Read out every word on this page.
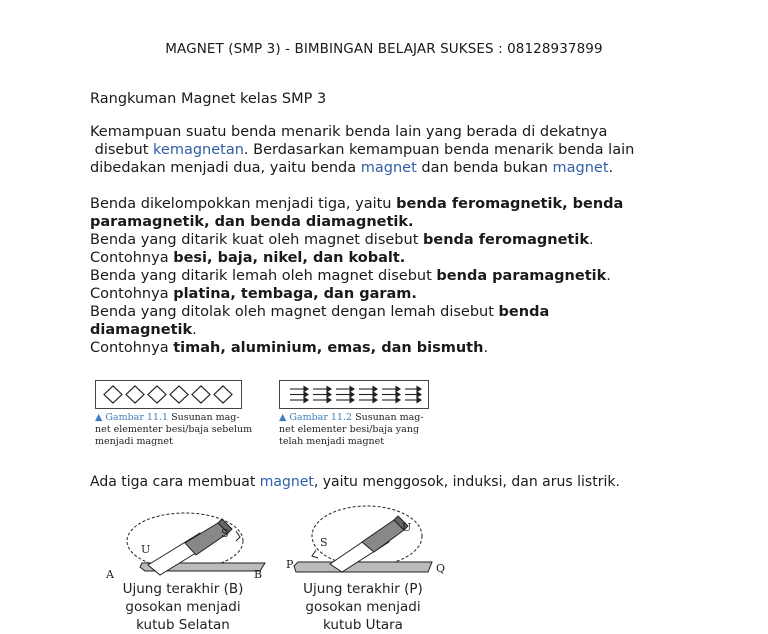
MAGNET (SMP 3) - BIMBINGAN BELAJAR SUKSES : 08128937899
Rangkuman Magnet kelas SMP 3
Kemampuan suatu benda menarik benda lain yang berada di dekatnya
disebut kemagnetan. Berdasarkan kemampuan benda menarik benda lain
dibedakan menjadi dua, yaitu benda magnet dan benda bukan magnet.
Benda dikelompokkan menjadi tiga, yaitu benda feromagnetik, benda
paramagnetik, dan benda diamagnetik.
Benda yang ditarik kuat oleh magnet disebut benda feromagnetik.
Contohnya besi, baja, nikel, dan kobalt.
Benda yang ditarik lemah oleh magnet disebut benda paramagnetik.
Contohnya platina, tembaga, dan garam.
Benda yang ditolak oleh magnet dengan lemah disebut benda
diamagnetik.
Contohnya timah, aluminium, emas, dan bismuth.
▲ Gambar 11.1 Susunan mag-
net elementer besi/baja sebelum
menjadi magnet
▲ Gambar 11.2 Susunan mag-
net elementer besi/baja yang
telah menjadi magnet
Ada tiga cara membuat magnet, yaitu menggosok, induksi, dan arus listrik.
U
S
A	B
Ujung terakhir (B)
gosokan menjadi
kutub Selatan
S
U
P	Q
Ujung terakhir (P)
gosokan menjadi
kutub Utara
